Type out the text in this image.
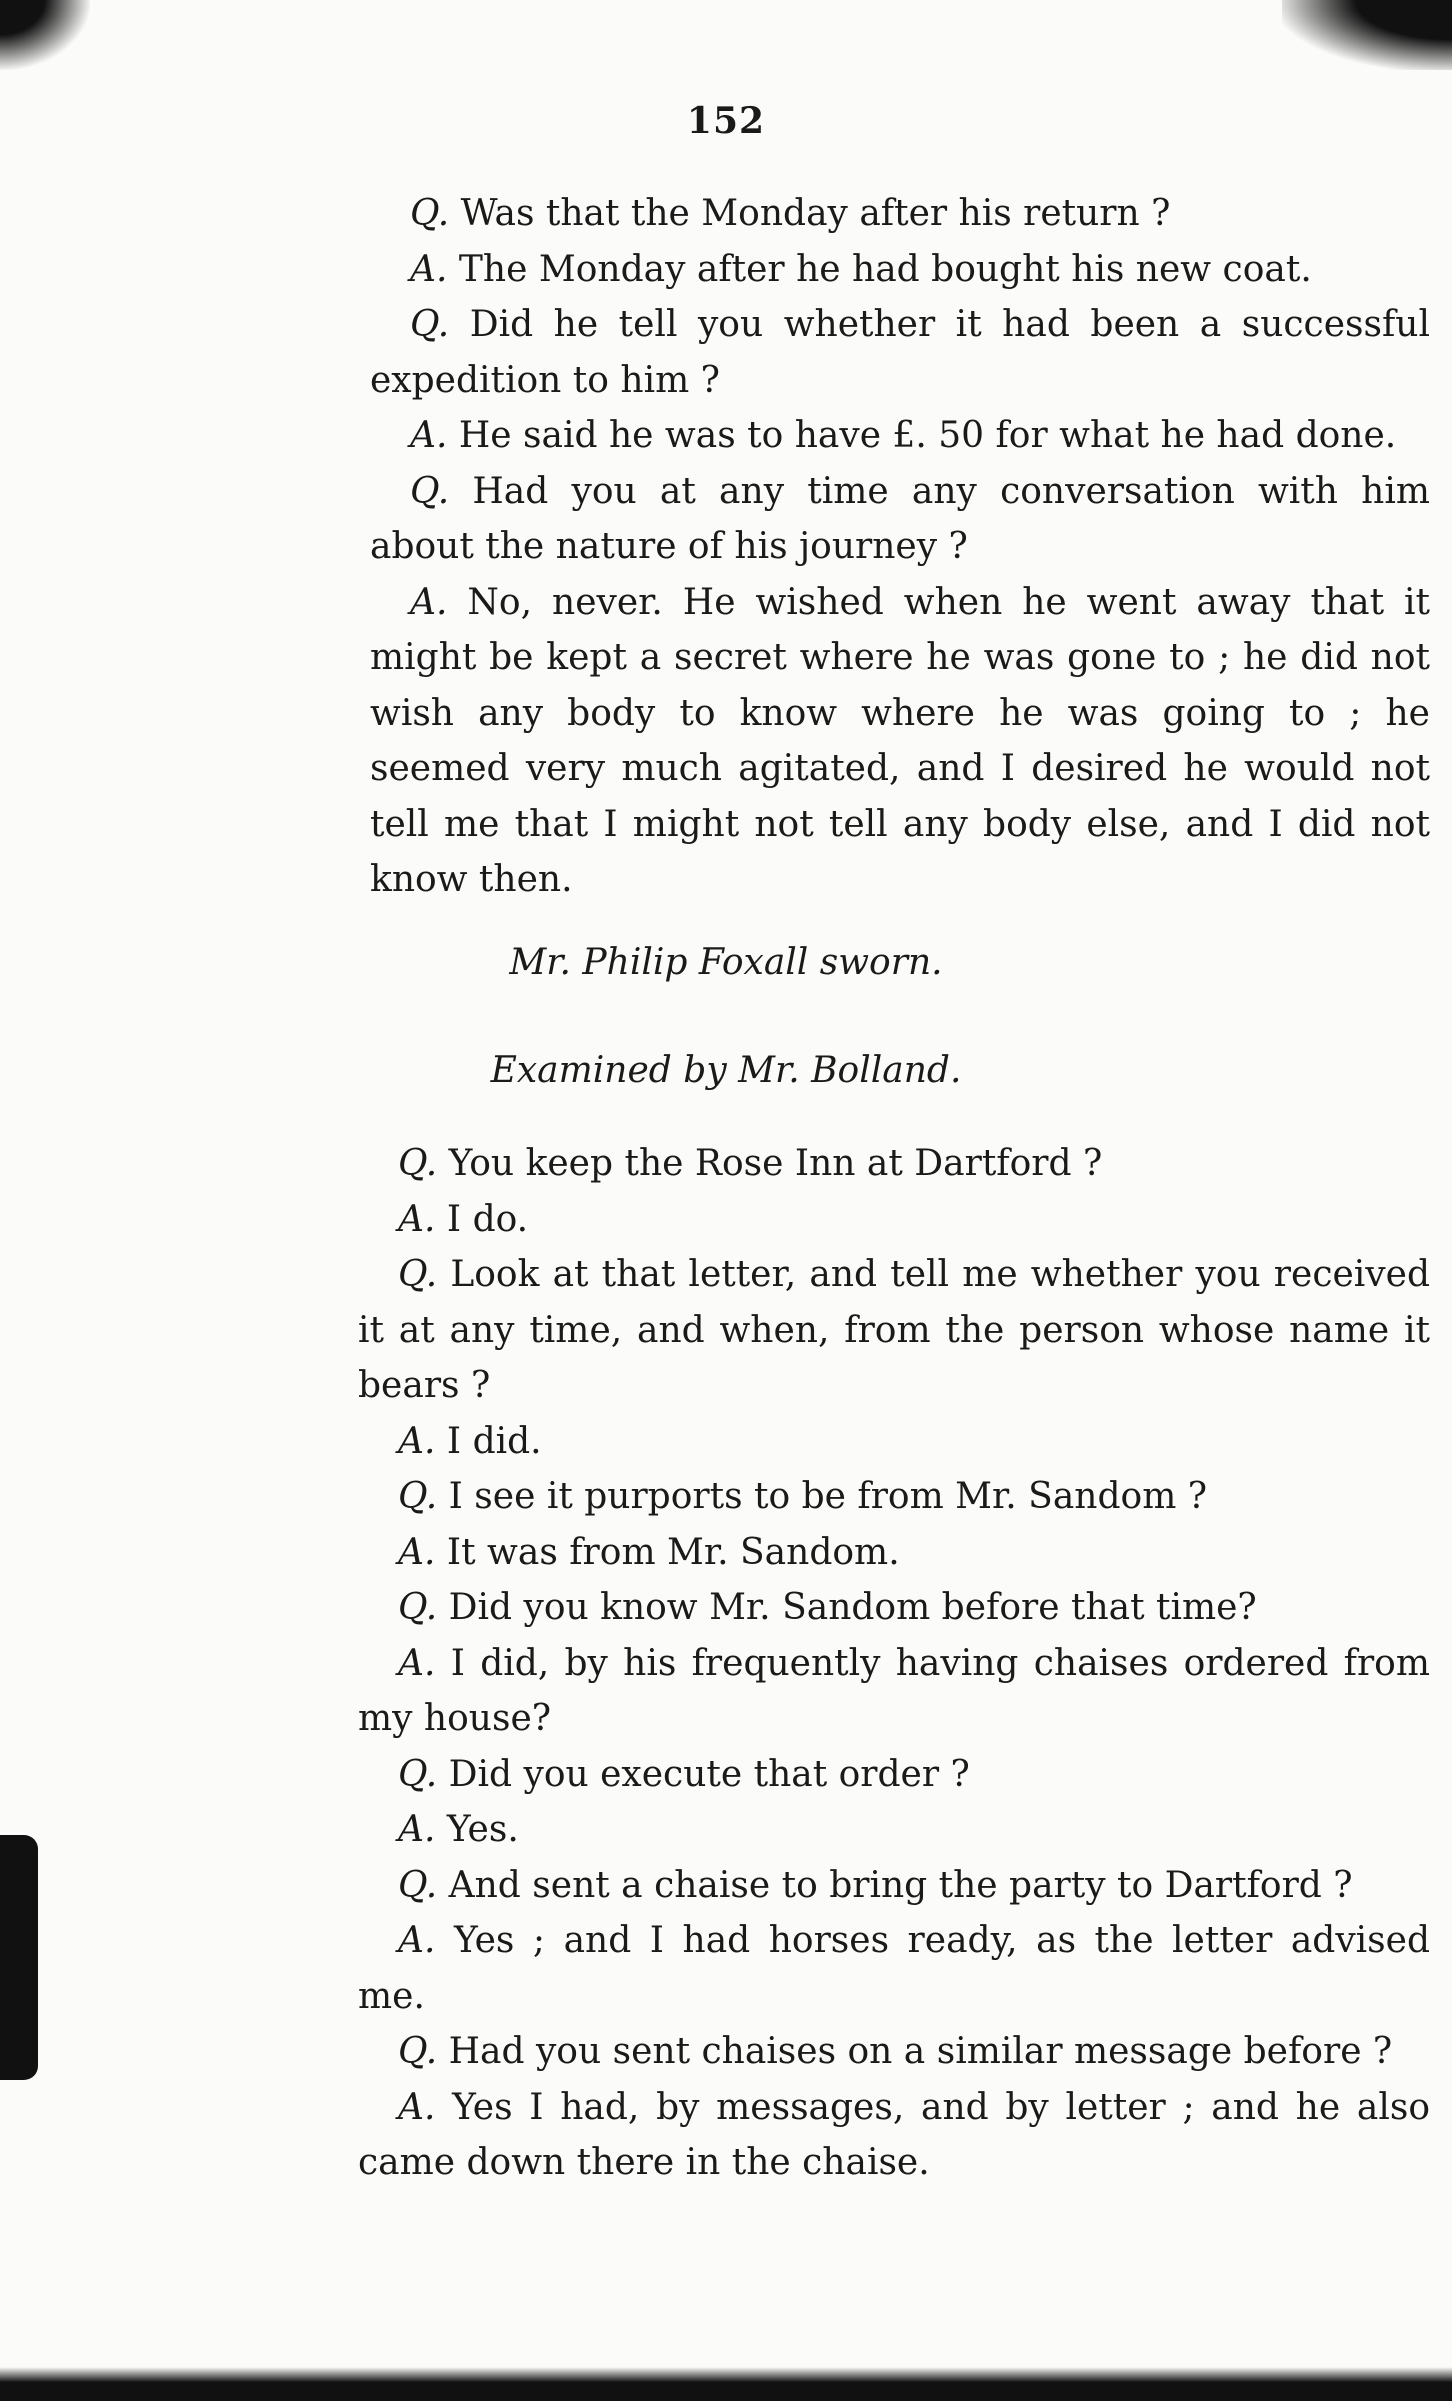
152

Q. Was that the Monday after his return ?

A. The Monday after he had bought his new coat.

Q. Did he tell you whether it had been a successful expedition to him ?

A. He said he was to have £. 50 for what he had done.

Q. Had you at any time any conversation with him about the nature of his journey ?

A. No, never. He wished when he went away that it might be kept a secret where he was gone to ; he did not wish any body to know where he was going to ; he seemed very much agitated, and I desired he would not tell me that I might not tell any body else, and I did not know then.

Mr. Philip Foxall sworn.
Examined by Mr. Bolland.

Q. You keep the Rose Inn at Dartford ?

A. I do.

Q. Look at that letter, and tell me whether you received it at any time, and when, from the person whose name it bears ?

A. I did.

Q. I see it purports to be from Mr. Sandom ?

A. It was from Mr. Sandom.

Q. Did you know Mr. Sandom before that time?

A. I did, by his frequently having chaises ordered from my house?

Q. Did you execute that order ?

A. Yes.

Q. And sent a chaise to bring the party to Dartford ?

A. Yes ; and I had horses ready, as the letter advised me.

Q. Had you sent chaises on a similar message before ?

A. Yes I had, by messages, and by letter ; and he also came down there in the chaise.
